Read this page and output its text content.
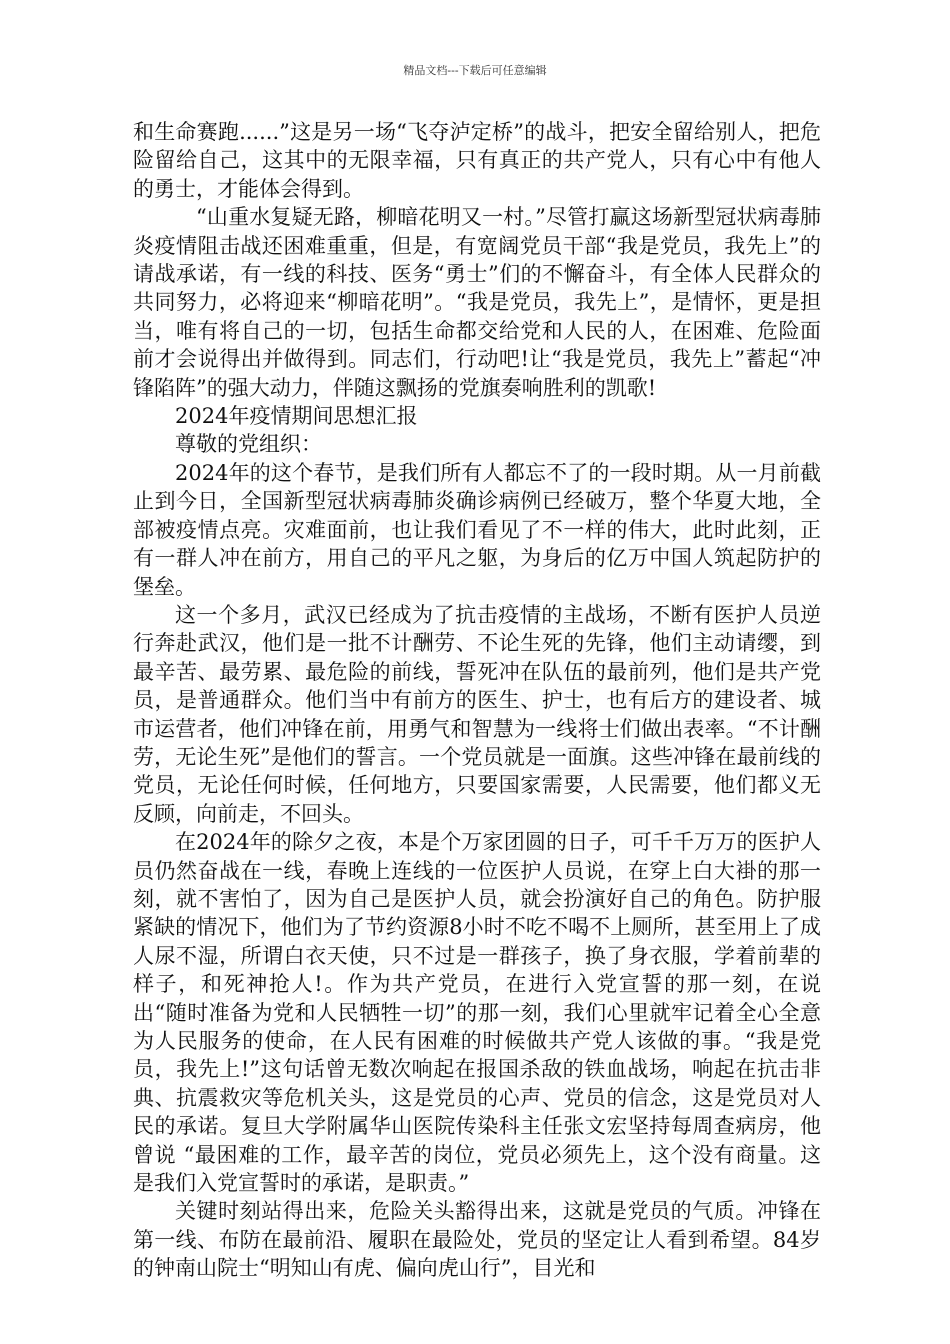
精品文档---下载后可任意编辑

和生命赛跑......”这是另一场“飞夺泸定桥”的战斗，把安全留给别人，把危险留给自己，这其中的无限幸福，只有真正的共产党人，只有心中有他人的勇士，才能体会得到。

“山重水复疑无路，柳暗花明又一村。”尽管打赢这场新型冠状病毒肺炎疫情阻击战还困难重重，但是，有宽阔党员干部“我是党员，我先上”的请战承诺，有一线的科技、医务“勇士”们的不懈奋斗，有全体人民群众的共同努力，必将迎来“柳暗花明”。“我是党员，我先上”，是情怀，更是担当，唯有将自己的一切，包括生命都交给党和人民的人，在困难、危险面前才会说得出并做得到。同志们，行动吧!让“我是党员，我先上”蓄起“冲锋陷阵”的强大动力，伴随这飘扬的党旗奏响胜利的凯歌!

2024年疫情期间思想汇报

尊敬的党组织：

2024年的这个春节，是我们所有人都忘不了的一段时期。从一月前截止到今日，全国新型冠状病毒肺炎确诊病例已经破万，整个华夏大地，全部被疫情点亮。灾难面前，也让我们看见了不一样的伟大，此时此刻，正有一群人冲在前方，用自己的平凡之躯，为身后的亿万中国人筑起防护的堡垒。

这一个多月，武汉已经成为了抗击疫情的主战场，不断有医护人员逆行奔赴武汉，他们是一批不计酬劳、不论生死的先锋，他们主动请缨，到最辛苦、最劳累、最危险的前线，誓死冲在队伍的最前列，他们是共产党员，是普通群众。他们当中有前方的医生、护士，也有后方的建设者、城市运营者，他们冲锋在前，用勇气和智慧为一线将士们做出表率。“不计酬劳，无论生死”是他们的誓言。一个党员就是一面旗。这些冲锋在最前线的党员，无论任何时候，任何地方，只要国家需要，人民需要，他们都义无反顾，向前走，不回头。

在2024年的除夕之夜，本是个万家团圆的日子，可千千万万的医护人员仍然奋战在一线，春晚上连线的一位医护人员说，在穿上白大褂的那一刻，就不害怕了，因为自己是医护人员，就会扮演好自己的角色。防护服紧缺的情况下，他们为了节约资源8小时不吃不喝不上厕所，甚至用上了成人尿不湿，所谓白衣天使，只不过是一群孩子，换了身衣服，学着前辈的样子，和死神抢人!。作为共产党员，在进行入党宣誓的那一刻，在说出“随时准备为党和人民牺牲一切”的那一刻，我们心里就牢记着全心全意为人民服务的使命，在人民有困难的时候做共产党人该做的事。“我是党员，我先上!”这句话曾无数次响起在报国杀敌的铁血战场，响起在抗击非典、抗震救灾等危机关头，这是党员的心声、党员的信念，这是党员对人民的承诺。复旦大学附属华山医院传染科主任张文宏坚持每周查病房，他曾说 “最困难的工作，最辛苦的岗位，党员必须先上，这个没有商量。这是我们入党宣誓时的承诺，是职责。”

关键时刻站得出来，危险关头豁得出来，这就是党员的气质。冲锋在第一线、布防在最前沿、履职在最险处，党员的坚定让人看到希望。84岁的钟南山院士“明知山有虎、偏向虎山行”，目光和
